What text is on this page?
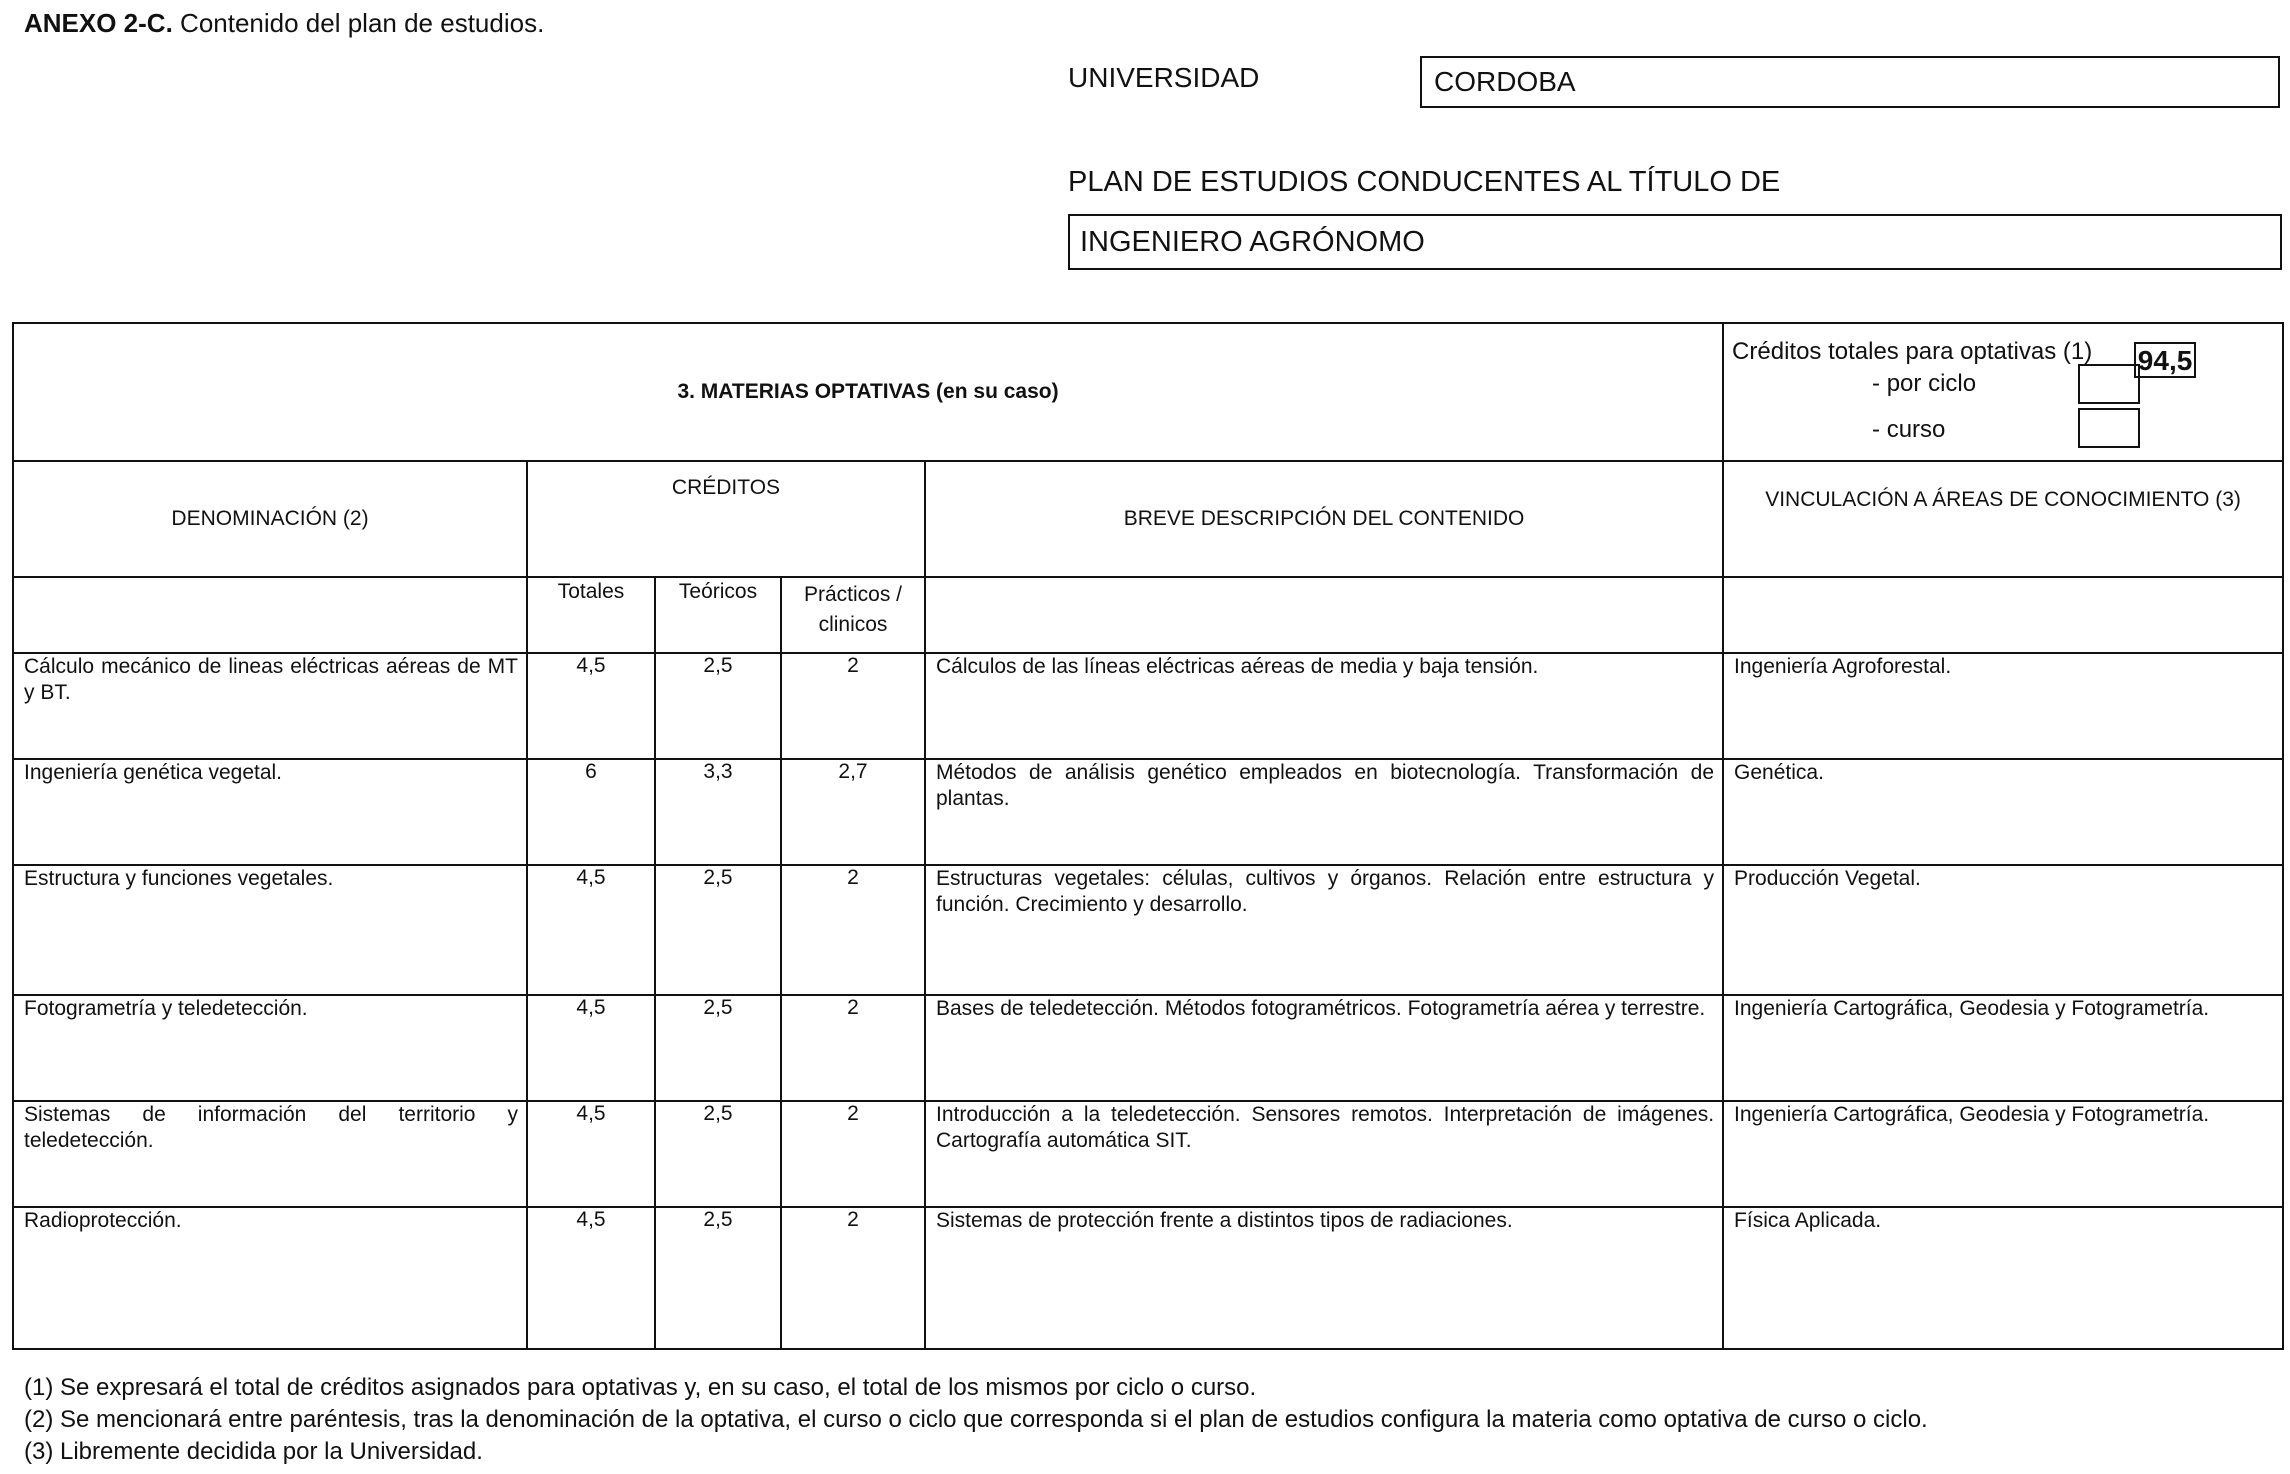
ANEXO 2-C. Contenido del plan de estudios.
UNIVERSIDAD	CORDOBA
PLAN DE ESTUDIOS CONDUCENTES AL TÍTULO DE
INGENIERO AGRÓNOMO
3. MATERIAS OPTATIVAS (en su caso)					Créditos totales para optativas (1) 94,5
- por ciclo
- curso

DENOMINACIÓN (2)	CRÉDITOS			BREVE DESCRIPCIÓN DEL CONTENIDO	VINCULACIÓN A ÁREAS DE CONOCIMIENTO (3)
	Totales	Teóricos	Prácticos / clinicos		
Cálculo mecánico de lineas eléctricas aéreas de MT y BT.	4,5	2,5	2	Cálculos de las líneas eléctricas aéreas de media y baja tensión.	Ingeniería Agroforestal.
Ingeniería genética vegetal.	6	3,3	2,7	Métodos de análisis genético empleados en biotecnología. Transformación de plantas.	Genética.
Estructura y funciones vegetales.	4,5	2,5	2	Estructuras vegetales: células, cultivos y órganos. Relación entre estructura y función. Crecimiento y desarrollo.	Producción Vegetal.
Fotogrametría y teledetección.	4,5	2,5	2	Bases de teledetección. Métodos fotogramétricos. Fotogrametría aérea y terrestre.	Ingeniería Cartográfica, Geodesia y Fotogrametría.
Sistemas de información del territorio y teledetección.	4,5	2,5	2	Introducción a la teledetección. Sensores remotos. Interpretación de imágenes. Cartografía automática SIT.	Ingeniería Cartográfica, Geodesia y Fotogrametría.
Radioprotección.	4,5	2,5	2	Sistemas de protección frente a distintos tipos de radiaciones.	Física Aplicada.
(1) Se expresará el total de créditos asignados para optativas y, en su caso, el total de los mismos por ciclo o curso.
(2) Se mencionará entre paréntesis, tras la denominación de la optativa, el curso o ciclo que corresponda si el plan de estudios configura la materia como optativa de curso o ciclo.
(3) Libremente decidida por la Universidad.
